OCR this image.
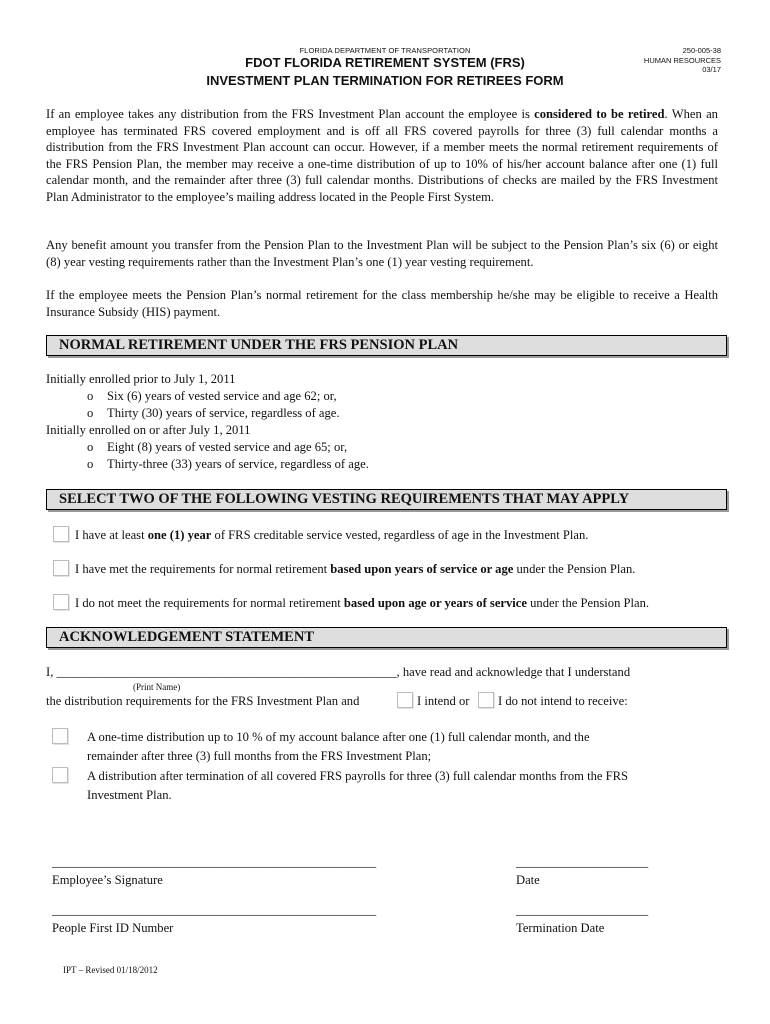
FLORIDA DEPARTMENT OF TRANSPORTATION
FDOT FLORIDA RETIREMENT SYSTEM (FRS)
INVESTMENT PLAN TERMINATION FOR RETIREES FORM
250-005-38
HUMAN RESOURCES
03/17
If an employee takes any distribution from the FRS Investment Plan account the employee is considered to be retired. When an employee has terminated FRS covered employment and is off all FRS covered payrolls for three (3) full calendar months a distribution from the FRS Investment Plan account can occur. However, if a member meets the normal retirement requirements of the FRS Pension Plan, the member may receive a one-time distribution of up to 10% of his/her account balance after one (1) full calendar month, and the remainder after three (3) full calendar months. Distributions of checks are mailed by the FRS Investment Plan Administrator to the employee’s mailing address located in the People First System.
Any benefit amount you transfer from the Pension Plan to the Investment Plan will be subject to the Pension Plan’s six (6) or eight (8) year vesting requirements rather than the Investment Plan’s one (1) year vesting requirement.
If the employee meets the Pension Plan’s normal retirement for the class membership he/she may be eligible to receive a Health Insurance Subsidy (HIS) payment.
NORMAL RETIREMENT UNDER THE FRS PENSION PLAN
Initially enrolled prior to July 1, 2011
o Six (6) years of vested service and age 62; or,
o Thirty (30) years of service, regardless of age.
Initially enrolled on or after July 1, 2011
o Eight (8) years of vested service and age 65; or,
o Thirty-three (33) years of service, regardless of age.
SELECT TWO OF THE FOLLOWING VESTING REQUIREMENTS THAT MAY APPLY
I have at least one (1) year of FRS creditable service vested, regardless of age in the Investment Plan.
I have met the requirements for normal retirement based upon years of service or age under the Pension Plan.
I do not meet the requirements for normal retirement based upon age or years of service under the Pension Plan.
ACKNOWLEDGEMENT STATEMENT
I, ______________________________________________________, have read and acknowledge that I understand
(Print Name)
the distribution requirements for the FRS Investment Plan and	I intend or I do not intend to receive:
A one-time distribution up to 10 % of my account balance after one (1) full calendar month, and the
remainder after three (3) full months from the FRS Investment Plan;
A distribution after termination of all covered FRS payrolls for three (3) full calendar months from the FRS
Investment Plan.
______________________________________________________	______________________
Employee’s Signature	Date
______________________________________________________	______________________
People First ID Number	Termination Date
IPT – Revised 01/18/2012
